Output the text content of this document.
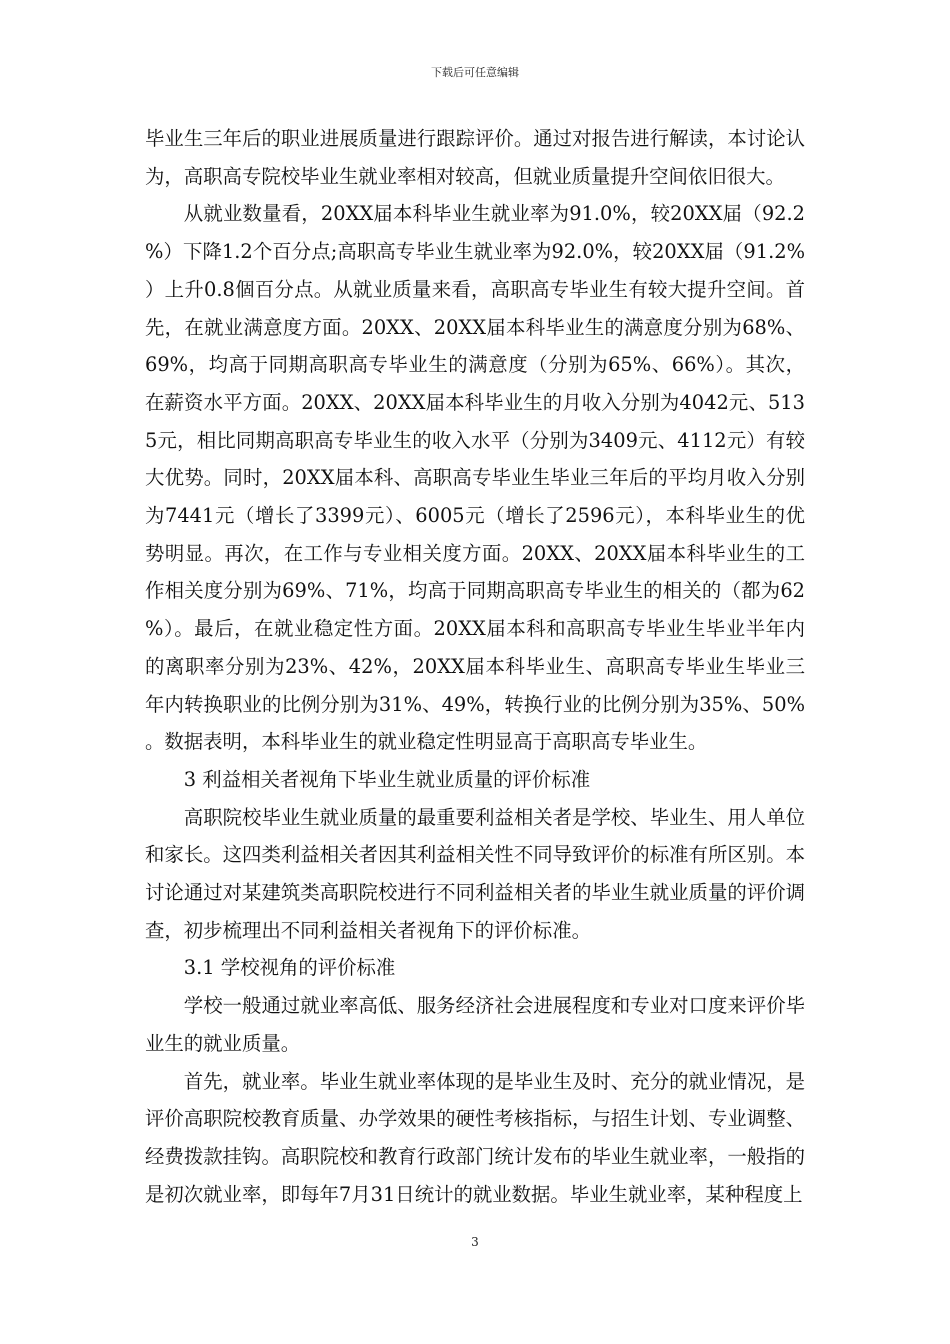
下载后可任意编辑

毕业生三年后的职业进展质量进行跟踪评价。通过对报告进行解读，本讨论认为，高职高专院校毕业生就业率相对较高，但就业质量提升空间依旧很大。

从就业数量看，20XX届本科毕业生就业率为91.0%，较20XX届（92.2%）下降1.2个百分点;高职高专毕业生就业率为92.0%，较20XX届（91.2%）上升0.8個百分点。从就业质量来看，高职高专毕业生有较大提升空间。首先，在就业满意度方面。20XX、20XX届本科毕业生的满意度分别为68%、69%，均高于同期高职高专毕业生的满意度（分别为65%、66%）。其次，在薪资水平方面。20XX、20XX届本科毕业生的月收入分别为4042元、5135元，相比同期高职高专毕业生的收入水平（分别为3409元、4112元）有较大优势。同时，20XX届本科、高职高专毕业生毕业三年后的平均月收入分别为7441元（增长了3399元）、6005元（增长了2596元），本科毕业生的优势明显。再次，在工作与专业相关度方面。20XX、20XX届本科毕业生的工作相关度分别为69%、71%，均高于同期高职高专毕业生的相关的（都为62%）。最后，在就业稳定性方面。20XX届本科和高职高专毕业生毕业半年内的离职率分别为23%、42%，20XX届本科毕业生、高职高专毕业生毕业三年内转换职业的比例分别为31%、49%，转换行业的比例分别为35%、50%。数据表明，本科毕业生的就业稳定性明显高于高职高专毕业生。

3 利益相关者视角下毕业生就业质量的评价标准

高职院校毕业生就业质量的最重要利益相关者是学校、毕业生、用人单位和家长。这四类利益相关者因其利益相关性不同导致评价的标准有所区别。本讨论通过对某建筑类高职院校进行不同利益相关者的毕业生就业质量的评价调查，初步梳理出不同利益相关者视角下的评价标准。

3.1 学校视角的评价标准

学校一般通过就业率高低、服务经济社会进展程度和专业对口度来评价毕业生的就业质量。

首先，就业率。毕业生就业率体现的是毕业生及时、充分的就业情况，是评价高职院校教育质量、办学效果的硬性考核指标，与招生计划、专业调整、经费拨款挂钩。高职院校和教育行政部门统计发布的毕业生就业率，一般指的是初次就业率，即每年7月31日统计的就业数据。毕业生就业率，某种程度上

3
